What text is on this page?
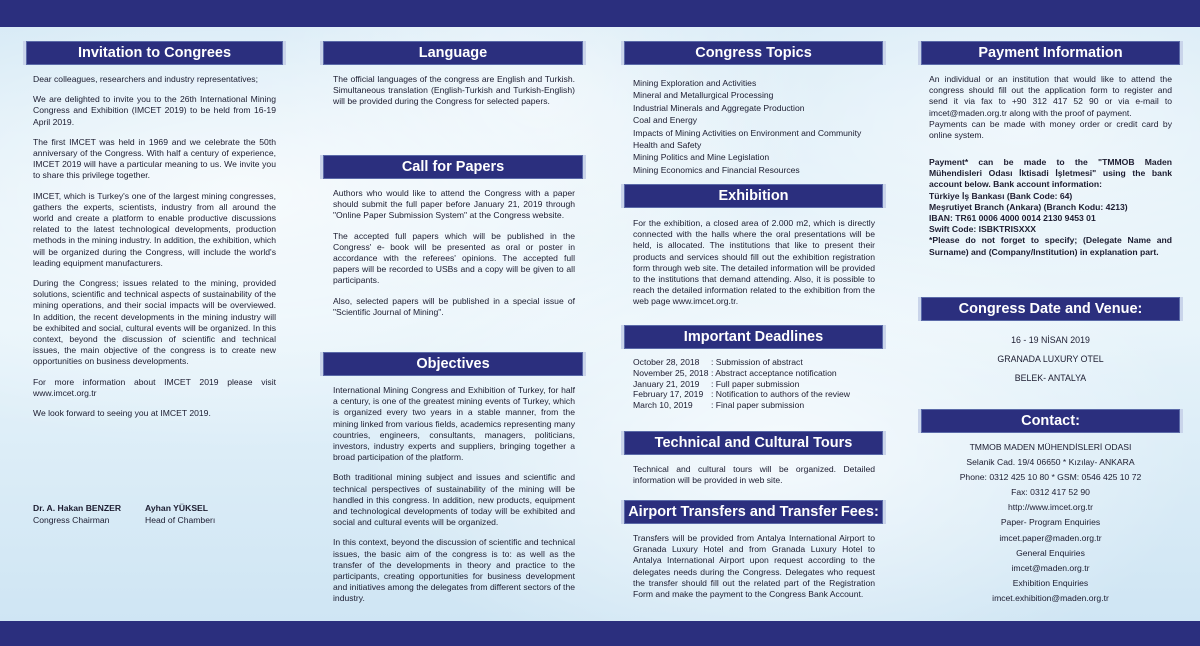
Invitation to Congrees

Dear colleagues, researchers and industry representatives;

We are delighted to invite you to the 26th International Mining Congress and Exhibition (IMCET 2019) to be held from 16-19 April 2019.

The first IMCET was held in 1969 and we celebrate the 50th anniversary of the Congress. With half a century of experience, IMCET 2019 will have a particular meaning to us. We invite you to share this privilege together.

IMCET, which is Turkey's one of the largest mining congresses, gathers the experts, scientists, industry from all around the world and create a platform to enable productive discussions related to the latest technological developments, production methods in the mining industry. In addition, the exhibition, which will be organized during the Congress, will include the world's leading equipment manufacturers.

During the Congress; issues related to the mining, provided solutions, scientific and technical aspects of sustainability of the mining operations, and their social impacts will be overviewed. In addition, the recent developments in the mining industry will be exhibited and social, cultural events will be organized. In this context, beyond the discussion of scientific and technical issues, the main objective of the congress is to create new opportunities on business developments.

For more information about IMCET 2019 please visit www.imcet.org.tr

We look forward to seeing you at IMCET 2019.

Dr. A. Hakan BENZER
Congress Chairman
Ayhan YÜKSEL
Head of Chamberı
Language
The official languages of the congress are English and Turkish. Simultaneous translation (English-Turkish and Turkish-English) will be provided during the Congress for selected papers.
Call for Papers

Authors who would like to attend the Congress with a paper should submit the full paper before January 21, 2019 through "Online Paper Submission System" at the Congress website.

The accepted full papers which will be published in the Congress' e- book will be presented as oral or poster in accordance with the referees' opinions. The accepted full papers will be recorded to USBs and a copy will be given to all participants.

Also, selected papers will be published in a special issue of "Scientific Journal of Mining".

Objectives

International Mining Congress and Exhibition of Turkey, for half a century, is one of the greatest mining events of Turkey, which is organized every two years in a stable manner, from the mining linked from various fields, academics representing many countries, engineers, consultants, managers, politicians, investors, industry experts and suppliers, bringing together a broad participation of the platform.

Both traditional mining subject and issues and scientific and technical perspectives of sustainability of the mining will be handled in this congress. In addition, new products, equipment and technological developments of today will be exhibited and social and cultural events will be organized.

In this context, beyond the discussion of scientific and technical issues, the basic aim of the congress is to: as well as the transfer of the developments in theory and practice to the participants, creating opportunities for business development and initiatives among the delegates from different sectors of the industry.

Congress Topics
Mining Exploration and Activities
Mineral and Metallurgical Processing
Industrial Minerals and Aggregate Production
Coal and Energy
Impacts of Mining Activities on Environment and Community
Health and Safety
Mining Politics and Mine Legislation
Mining Economics and Financial Resources
Exhibition
For the exhibition, a closed area of 2.000 m2, which is directly connected with the halls where the oral presentations will be held, is allocated. The institutions that like to present their products and services should fill out the exhibition registration form through web site. The detailed information will be provided to the institutions that demand attending. Also, it is possible to reach the detailed information related to the exhibition from the web page www.imcet.org.tr.
Important Deadlines
October 28, 2018 : Submission of abstract
November 25, 2018 : Abstract acceptance notification
January 21, 2019 : Full paper submission
February 17, 2019 : Notification to authors of the review
March 10, 2019 : Final paper submission
Technical and Cultural Tours
Technical and cultural tours will be organized. Detailed information will be provided in web site.
Airport Transfers and Transfer Fees:
Transfers will be provided from Antalya International Airport to Granada Luxury Hotel and from Granada Luxury Hotel to Antalya International Airport upon request according to the delegates needs during the Congress. Delegates who request the transfer should fill out the related part of the Registration Form and make the payment to the Congress Bank Account.
Payment Information
An individual or an institution that would like to attend the congress should fill out the application form to register and send it via fax to +90 312 417 52 90 or via e-mail to imcet@maden.org.tr along with the proof of payment.
Payments can be made with money order or credit card by online system.
Payment* can be made to the "TMMOB Maden Mühendisleri Odası İktisadi İşletmesi" using the bank account below. Bank account information:
Türkiye İş Bankası (Bank Code: 64)
Meşrutiyet Branch (Ankara) (Branch Kodu: 4213)
IBAN: TR61 0006 4000 0014 2130 9453 01
Swift Code: ISBKTRISXXX
*Please do not forget to specify; (Delegate Name and Surname) and (Company/Institution) in explanation part.
Congress Date and Venue:
16 - 19 NİSAN 2019
GRANADA LUXURY OTEL
BELEK- ANTALYA
Contact:
TMMOB MADEN MÜHENDİSLERİ ODASI
Selanik Cad. 19/4 06650 * Kızılay- ANKARA
Phone: 0312 425 10 80 * GSM: 0546 425 10 72
Fax: 0312 417 52 90
http://www.imcet.org.tr
Paper- Program Enquiries
imcet.paper@maden.org.tr
General Enquiries
imcet@maden.org.tr
Exhibition Enquiries
imcet.exhibition@maden.org.tr
